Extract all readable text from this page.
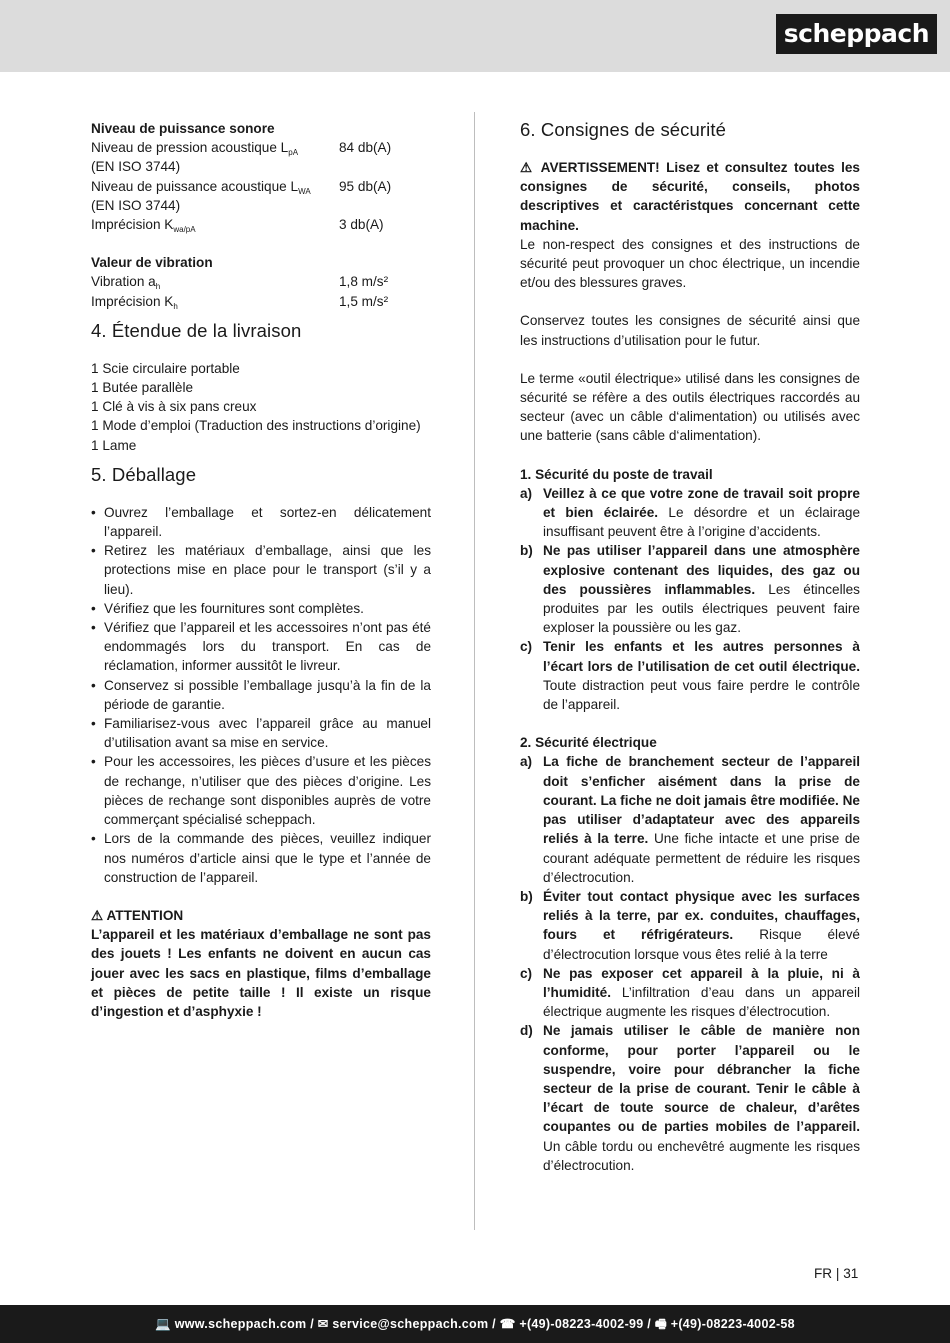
scheppach
Niveau de puissance sonore
Niveau de pression acoustique $L_{pA}$	84 db(A)
(EN ISO 3744)
Niveau de puissance acoustique $L_{WA}$	95 db(A)
(EN ISO 3744)
Imprécision $K_{wa/pA}$	3 db(A)
Valeur de vibration
Vibration $a_h$	1,8 m/s²
Imprécision $K_h$	1,5 m/s²
4. Étendue de la livraison
1 Scie circulaire portable
1 Butée parallèle
1 Clé à vis à six pans creux
1 Mode d’emploi (Traduction des instructions d’origine)
1 Lame
5. Déballage
• Ouvrez l’emballage et sortez-en délicatement l’appareil.
• Retirez les matériaux d’emballage, ainsi que les protections mise en place pour le transport (s’il y a lieu).
• Vérifiez que les fournitures sont complètes.
• Vérifiez que l’appareil et les accessoires n’ont pas été endommagés lors du transport. En cas de réclamation, informer aussitôt le livreur.
• Conservez si possible l’emballage jusqu’à la fin de la période de garantie.
• Familiarisez-vous avec l’appareil grâce au manuel d’utilisation avant sa mise en service.
• Pour les accessoires, les pièces d’usure et les pièces de rechange, n’utiliser que des pièces d’origine. Les pièces de rechange sont disponibles auprès de votre commerçant spécialisé scheppach.
• Lors de la commande des pièces, veuillez indiquer nos numéros d’article ainsi que le type et l’année de construction de l’appareil.
⚠ ATTENTION
L’appareil et les matériaux d’emballage ne sont pas des jouets ! Les enfants ne doivent en aucun cas jouer avec les sacs en plastique, films d’emballage et pièces de petite taille ! Il existe un risque d’ingestion et d’asphyxie !
6. Consignes de sécurité
⚠ AVERTISSEMENT! Lisez et consultez toutes les consignes de sécurité, conseils, photos descriptives et caractéristques concernant cette machine.
Le non-respect des consignes et des instructions de sécurité peut provoquer un choc électrique, un incendie et/ou des blessures graves.
Conservez toutes les consignes de sécurité ainsi que les instructions d’utilisation pour le futur.
Le terme «outil électrique» utilisé dans les consignes de sécurité se réfère a des outils électriques raccordés au secteur (avec un câble d‘alimentation) ou utilisés avec une batterie (sans câble d‘alimentation).
1. Sécurité du poste de travail
a) Veillez à ce que votre zone de travail soit propre et bien éclairée. Le désordre et un éclairage insuffisant peuvent être à l’origine d’accidents.
b) Ne pas utiliser l’appareil dans une atmosphère explosive contenant des liquides, des gaz ou des poussières inflammables. Les étincelles produites par les outils électriques peuvent faire exploser la poussière ou les gaz.
c) Tenir les enfants et les autres personnes à l’écart lors de l’utilisation de cet outil électrique. Toute distraction peut vous faire perdre le contrôle de l’appareil.
2. Sécurité électrique
a) La fiche de branchement secteur de l’appareil doit s’enficher aisément dans la prise de courant. La fiche ne doit jamais être modifiée. Ne pas utiliser d’adaptateur avec des appareils reliés à la terre. Une fiche intacte et une prise de courant adéquate permettent de réduire les risques d’électrocution.
b) Éviter tout contact physique avec les surfaces reliés à la terre, par ex. conduites, chauffages, fours et réfrigérateurs. Risque élevé d’électrocution lorsque vous êtes relié à la terre
c) Ne pas exposer cet appareil à la pluie, ni à l’humidité. L’infiltration d’eau dans un appareil électrique augmente les risques d’électrocution.
d) Ne jamais utiliser le câble de manière non conforme, pour porter l’appareil ou le suspendre, voire pour débrancher la fiche secteur de la prise de courant. Tenir le câble à l’écart de toute source de chaleur, d’arêtes coupantes ou de parties mobiles de l’appareil. Un câble tordu ou enchevêtré augmente les risques d’électrocution.
FR | 31
💻 www.scheppach.com / ✉ service@scheppach.com / ☎ +(49)-08223-4002-99 / 🖷 +(49)-08223-4002-58
